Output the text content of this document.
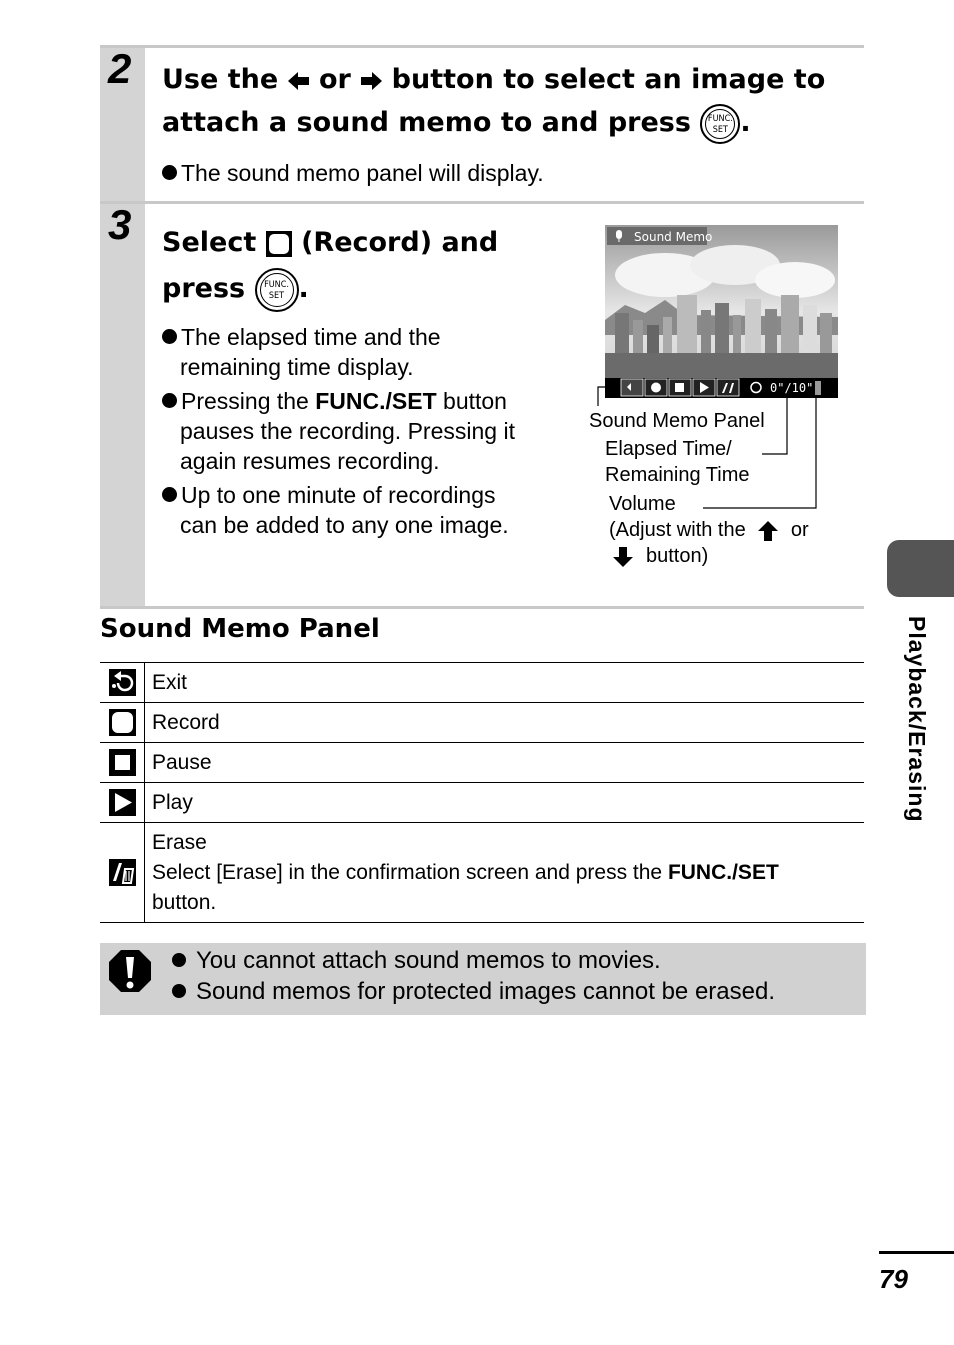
2 Use the or button to select an image to
attach a sound memo to and press	FUNC.
SET .
The sound memo panel will display.
3 Select (Record) and
press	FUNC.
SET .
The elapsed time and the
remaining time display.
Pressing the FUNC./SET button
pauses the recording. Pressing it
again resumes recording.
Up to one minute of recordings
can be added to any one image.
Sound Memo
0"/10"
Sound Memo Panel
Elapsed Time/
Remaining Time
Volume
(Adjust with the or
button)
Sound Memo Panel
	Exit

	Record

	Pause
	Play
	Erase
Select [Erase] in the confirmation screen and press the FUNC./SET
button.
You cannot attach sound memos to movies.
Sound memos for protected images cannot be erased.
Playback/Erasing
79
